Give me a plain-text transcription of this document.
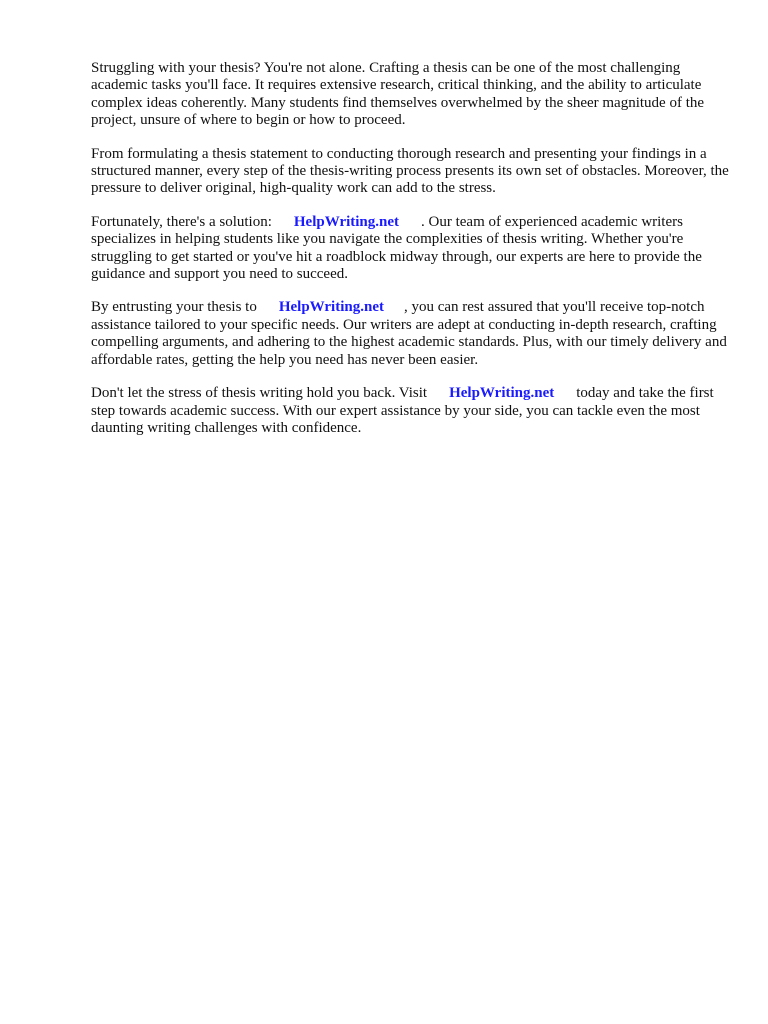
Struggling with your thesis? You're not alone. Crafting a thesis can be one of the most challenging academic tasks you'll face. It requires extensive research, critical thinking, and the ability to articulate complex ideas coherently. Many students find themselves overwhelmed by the sheer magnitude of the project, unsure of where to begin or how to proceed.

From formulating a thesis statement to conducting thorough research and presenting your findings in a structured manner, every step of the thesis-writing process presents its own set of obstacles. Moreover, the pressure to deliver original, high-quality work can add to the stress.

Fortunately, there's a solution: HelpWriting.net . Our team of experienced academic writers specializes in helping students like you navigate the complexities of thesis writing. Whether you're struggling to get started or you've hit a roadblock midway through, our experts are here to provide the guidance and support you need to succeed.

By entrusting your thesis to HelpWriting.net , you can rest assured that you'll receive top-notch assistance tailored to your specific needs. Our writers are adept at conducting in-depth research, crafting compelling arguments, and adhering to the highest academic standards. Plus, with our timely delivery and affordable rates, getting the help you need has never been easier.

Don't let the stress of thesis writing hold you back. Visit HelpWriting.net today and take the first step towards academic success. With our expert assistance by your side, you can tackle even the most daunting writing challenges with confidence.
